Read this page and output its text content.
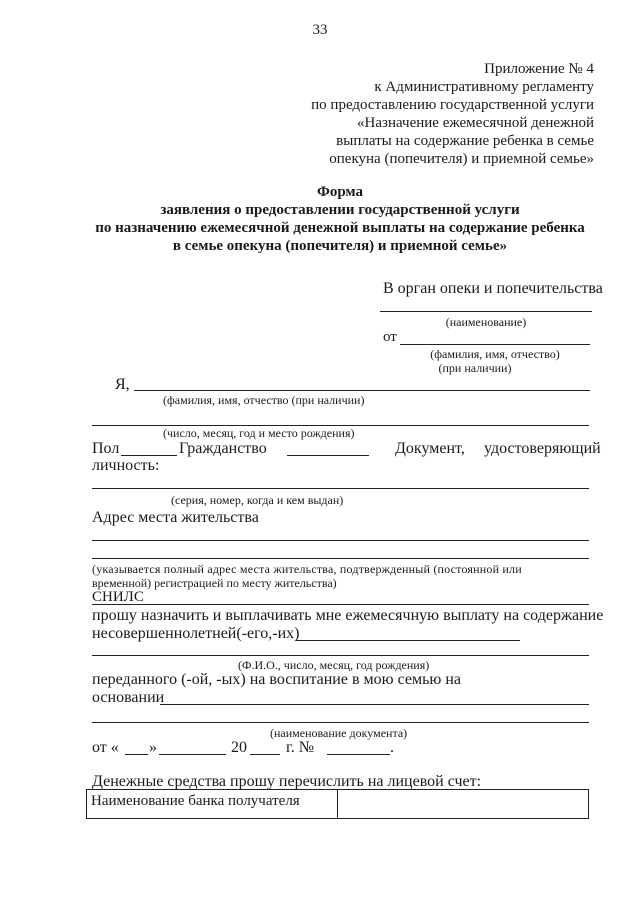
33
Приложение № 4
к Административному регламенту
по предоставлению государственной услуги
«Назначение ежемесячной денежной
выплаты на содержание ребенка в семье
опекуна (попечителя) и приемной семье»
Форма
заявления о предоставлении государственной услуги
по назначению ежемесячной денежной выплаты на содержание ребенка
в семье опекуна (попечителя) и приемной семье»
В орган опеки и попечительства
(наименование)
от
(фамилия, имя, отчество)
(при наличии)
Я,
(фамилия, имя, отчество (при наличии)
(число, месяц, год и место рождения)
Пол	Гражданство	Документ, удостоверяющий
личность:
(серия, номер, когда и кем выдан)
Адрес места жительства
(указывается полный адрес места жительства, подтвержденный (постоянной или
временной) регистрацией по месту жительства)
СНИЛС
прошу назначить и выплачивать мне ежемесячную выплату на содержание
несовершеннолетней(-его,-их)
(Ф.И.О., число, месяц, год рождения)
переданного (-ой, -ых) на воспитание в мою семью на
основании
(наименование документа)
от « »	20 г. №	.
Денежные средства прошу перечислить на лицевой счет:
Наименование банка получателя
